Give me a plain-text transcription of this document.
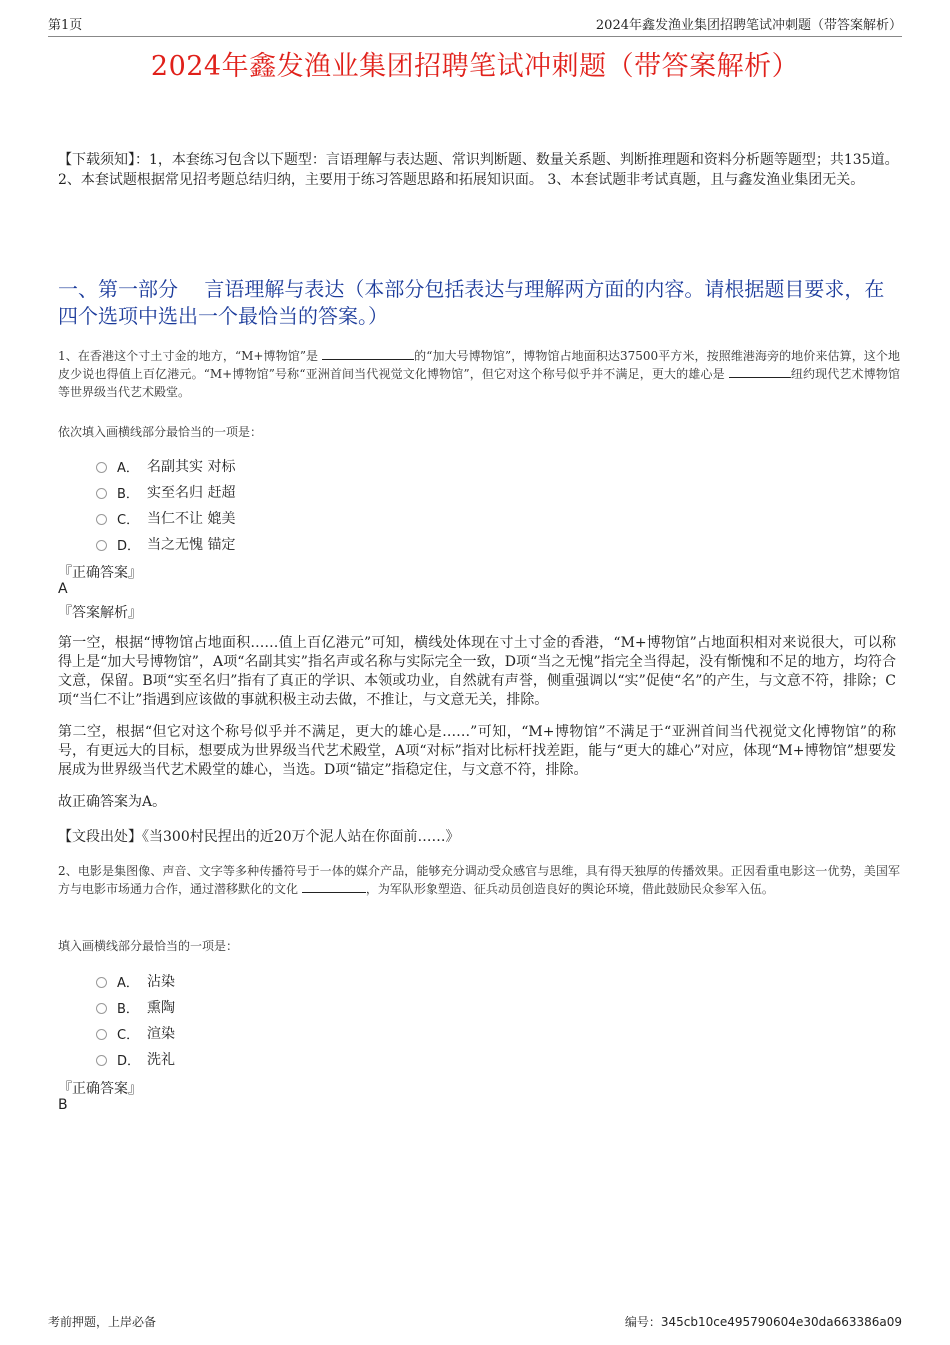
第1页	2024年鑫发渔业集团招聘笔试冲刺题（带答案解析）
2024年鑫发渔业集团招聘笔试冲刺题（带答案解析）
【下载须知】：1，本套练习包含以下题型：言语理解与表达题、常识判断题、数量关系题、判断推理题和资料分析题等题型；共135道。 2、本套试题根据常见招考题总结归纳，主要用于练习答题思路和拓展知识面。 3、本套试题非考试真题，且与鑫发渔业集团无关。
一、第一部分　 言语理解与表达（本部分包括表达与理解两方面的内容。请根据题目要求，在四个选项中选出一个最恰当的答案。）
1、在香港这个寸土寸金的地方，“M+博物馆”是	的“加大号博物馆”，博物馆占地面积达37500平方米，按照维港海旁的地价来估算，这个地皮少说也得值上百亿港元。“M+博物馆”号称“亚洲首间当代视觉文化博物馆”，但它对这个称号似乎并不满足，更大的雄心是	纽约现代艺术博物馆等世界级当代艺术殿堂。
依次填入画横线部分最恰当的一项是：
A． 名副其实 对标
B． 实至名归 赶超
C． 当仁不让 媲美
D． 当之无愧 锚定
『正确答案』
A
『答案解析』
第一空，根据“博物馆占地面积……值上百亿港元”可知，横线处体现在寸土寸金的香港，“M+博物馆”占地面积相对来说很大，可以称得上是“加大号博物馆”，A项“名副其实”指名声或名称与实际完全一致，D项“当之无愧”指完全当得起，没有惭愧和不足的地方，均符合文意，保留。B项“实至名归”指有了真正的学识、本领或功业，自然就有声誉，侧重强调以“实”促使“名”的产生，与文意不符，排除；C项“当仁不让”指遇到应该做的事就积极主动去做，不推让，与文意无关，排除。
第二空，根据“但它对这个称号似乎并不满足，更大的雄心是……”可知，“M+博物馆”不满足于“亚洲首间当代视觉文化博物馆”的称号，有更远大的目标，想要成为世界级当代艺术殿堂，A项“对标”指对比标杆找差距，能与“更大的雄心”对应，体现“M+博物馆”想要发展成为世界级当代艺术殿堂的雄心，当选。D项“锚定”指稳定住，与文意不符，排除。
故正确答案为A。
【文段出处】《当300村民捏出的近20万个泥人站在你面前……》
2、电影是集图像、声音、文字等多种传播符号于一体的媒介产品，能够充分调动受众感官与思维，具有得天独厚的传播效果。正因看重电影这一优势，美国军方与电影市场通力合作，通过潜移默化的文化	，为军队形象塑造、征兵动员创造良好的舆论环境，借此鼓励民众参军入伍。
填入画横线部分最恰当的一项是：
A． 沾染
B． 熏陶
C． 渲染
D． 洗礼
『正确答案』
B
考前押题，上岸必备	编号：345cb10ce495790604e30da663386a09
